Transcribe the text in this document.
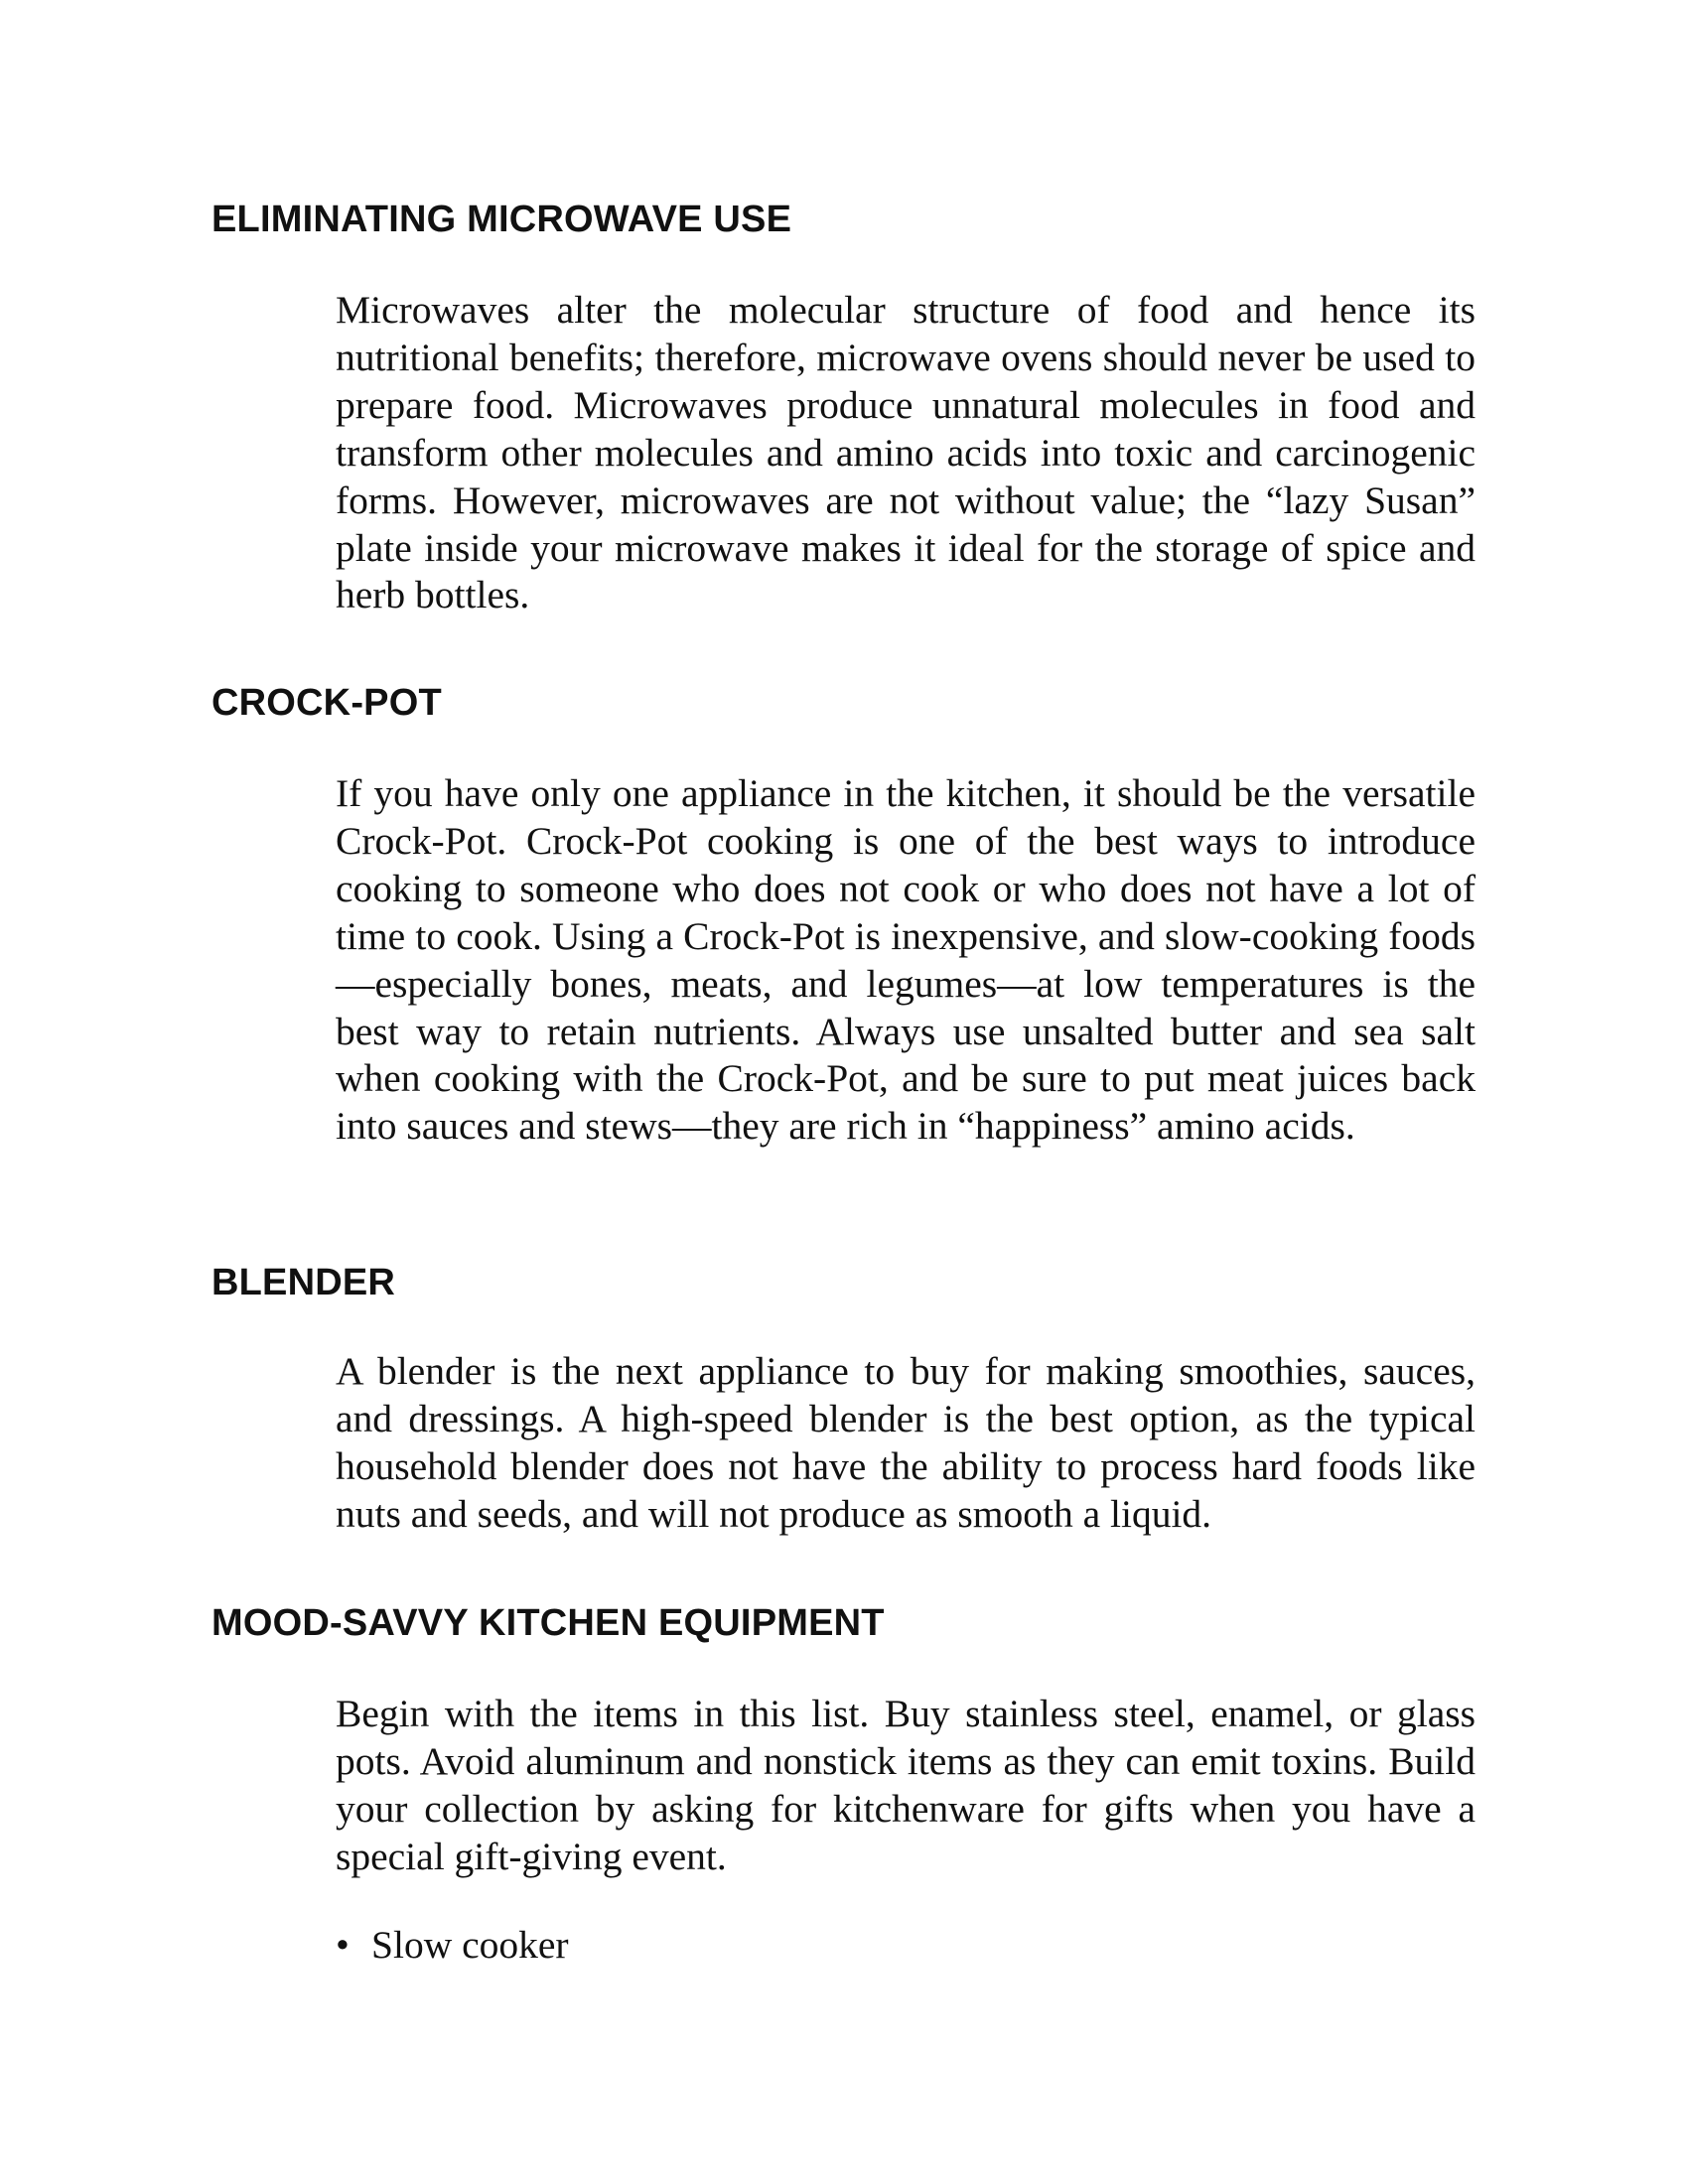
ELIMINATING MICROWAVE USE

Microwaves alter the molecular structure of food and hence its nutritional benefits; therefore, microwave ovens should never be used to prepare food. Microwaves produce unnatural molecules in food and transform other molecules and amino acids into toxic and carcinogenic forms. However, microwaves are not without value; the “lazy Susan” plate inside your microwave makes it ideal for the storage of spice and herb bottles.

CROCK-POT

If you have only one appliance in the kitchen, it should be the versatile Crock-Pot. Crock-Pot cooking is one of the best ways to introduce cooking to someone who does not cook or who does not have a lot of time to cook. Using a Crock-Pot is inexpensive, and slow-cooking foods—especially bones, meats, and legumes—at low temperatures is the best way to retain nutrients. Always use unsalted butter and sea salt when cooking with the Crock-Pot, and be sure to put meat juices back into sauces and stews—they are rich in “happiness” amino acids.

BLENDER

A blender is the next appliance to buy for making smoothies, sauces, and dressings. A high-speed blender is the best option, as the typical household blender does not have the ability to process hard foods like nuts and seeds, and will not produce as smooth a liquid.

MOOD-SAVVY KITCHEN EQUIPMENT

Begin with the items in this list. Buy stainless steel, enamel, or glass pots. Avoid aluminum and nonstick items as they can emit toxins. Build your collection by asking for kitchenware for gifts when you have a special gift-giving event.

• Slow cooker
